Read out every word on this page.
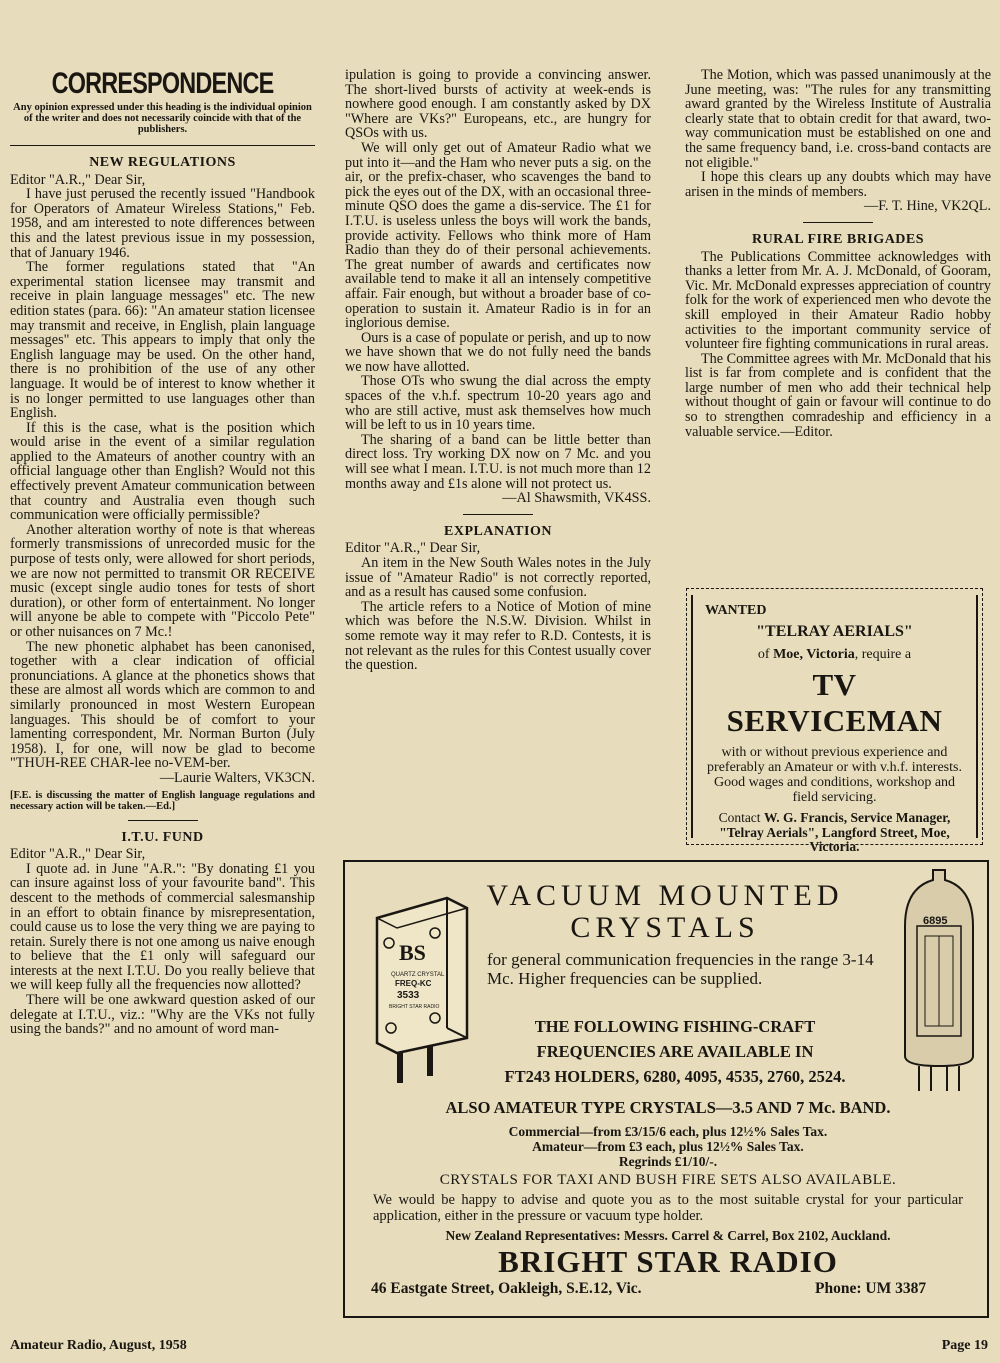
CORRESPONDENCE
Any opinion expressed under this heading is the individual opinion of the writer and does not necessarily coincide with that of the publishers.
NEW REGULATIONS

Editor "A.R.," Dear Sir,

I have just perused the recently issued "Handbook for Operators of Amateur Wireless Stations," Feb. 1958, and am interested to note differences between this and the latest previous issue in my possession, that of January 1946.

The former regulations stated that "An experimental station licensee may transmit and receive in plain language messages" etc. The new edition states (para. 66): "An amateur station licensee may transmit and receive, in English, plain language messages" etc. This appears to imply that only the English language may be used. On the other hand, there is no prohibition of the use of any other language. It would be of interest to know whether it is no longer permitted to use languages other than English.

If this is the case, what is the position which would arise in the event of a similar regulation applied to the Amateurs of another country with an official language other than English? Would not this effectively prevent Amateur communication between that country and Australia even though such communication were officially permissible?

Another alteration worthy of note is that whereas formerly transmissions of unrecorded music for the purpose of tests only, were allowed for short periods, we are now not permitted to transmit OR RECEIVE music (except single audio tones for tests of short duration), or other form of entertainment. No longer will anyone be able to compete with "Piccolo Pete" or other nuisances on 7 Mc.!

The new phonetic alphabet has been canonised, together with a clear indication of official pronunciations. A glance at the phonetics shows that these are almost all words which are common to and similarly pronounced in most Western European languages. This should be of comfort to your lamenting correspondent, Mr. Norman Burton (July 1958). I, for one, will now be glad to become "THUH-REE CHAR-lee no-VEM-ber.

—Laurie Walters, VK3CN.

[F.E. is discussing the matter of English language regulations and necessary action will be taken.—Ed.]

I.T.U. FUND

Editor "A.R.," Dear Sir,

I quote ad. in June "A.R.": "By donating £1 you can insure against loss of your favourite band". This descent to the methods of commercial salesmanship in an effort to obtain finance by misrepresentation, could cause us to lose the very thing we are paying to retain. Surely there is not one among us naive enough to believe that the £1 only will safeguard our interests at the next I.T.U. Do you really believe that we will keep fully all the frequencies now allotted?

There will be one awkward question asked of our delegate at I.T.U., viz.: "Why are the VKs not fully using the bands?" and no amount of word man-

ipulation is going to provide a convincing answer. The short-lived bursts of activity at week-ends is nowhere good enough. I am constantly asked by DX "Where are VKs?" Europeans, etc., are hungry for QSOs with us.

We will only get out of Amateur Radio what we put into it—and the Ham who never puts a sig. on the air, or the prefix-chaser, who scavenges the band to pick the eyes out of the DX, with an occasional three-minute QSO does the game a dis-service. The £1 for I.T.U. is useless unless the boys will work the bands, provide activity. Fellows who think more of Ham Radio than they do of their personal achievements. The great number of awards and certificates now available tend to make it all an intensely competitive affair. Fair enough, but without a broader base of co-operation to sustain it. Amateur Radio is in for an inglorious demise.

Ours is a case of populate or perish, and up to now we have shown that we do not fully need the bands we now have allotted.

Those OTs who swung the dial across the empty spaces of the v.h.f. spectrum 10-20 years ago and who are still active, must ask themselves how much will be left to us in 10 years time.

The sharing of a band can be little better than direct loss. Try working DX now on 7 Mc. and you will see what I mean. I.T.U. is not much more than 12 months away and £1s alone will not protect us.

—Al Shawsmith, VK4SS.

EXPLANATION

Editor "A.R.," Dear Sir,

An item in the New South Wales notes in the July issue of "Amateur Radio" is not correctly reported, and as a result has caused some confusion.

The article refers to a Notice of Motion of mine which was before the N.S.W. Division. Whilst in some remote way it may refer to R.D. Contests, it is not relevant as the rules for this Contest usually cover the question.

The Motion, which was passed unanimously at the June meeting, was: "The rules for any transmitting award granted by the Wireless Institute of Australia clearly state that to obtain credit for that award, two-way communication must be established on one and the same frequency band, i.e. cross-band contacts are not eligible."

I hope this clears up any doubts which may have arisen in the minds of members.

—F. T. Hine, VK2QL.

RURAL FIRE BRIGADES

The Publications Committee acknowledges with thanks a letter from Mr. A. J. McDonald, of Gooram, Vic. Mr. McDonald expresses appreciation of country folk for the work of experienced men who devote the skill employed in their Amateur Radio hobby activities to the important community service of volunteer fire fighting communications in rural areas.

The Committee agrees with Mr. McDonald that his list is far from complete and is confident that the large number of men who add their technical help without thought of gain or favour will continue to do so to strengthen comradeship and efficiency in a valuable service.—Editor.

WANTED
"TELRAY AERIALS"
of Moe, Victoria, require a
TV SERVICEMAN
with or without previous experience and preferably an Amateur or with v.h.f. interests. Good wages and conditions, workshop and field servicing.
Contact W. G. Francis, Service Manager, "Telray Aerials", Langford Street, Moe, Victoria.
BS
QUARTZ CRYSTAL
FREQ-KC
3533
BRIGHT STAR RADIO
VACUUM MOUNTED
CRYSTALS
for general communication frequencies in the range 3-14 Mc. Higher frequencies can be supplied.
THE FOLLOWING FISHING-CRAFT
FREQUENCIES ARE AVAILABLE IN
FT243 HOLDERS, 6280, 4095, 4535, 2760, 2524.
6895
ALSO AMATEUR TYPE CRYSTALS—3.5 AND 7 Mc. BAND.
Commercial—from £3/15/6 each, plus 12½% Sales Tax.
Amateur—from £3 each, plus 12½% Sales Tax.
Regrinds £1/10/-.
CRYSTALS FOR TAXI AND BUSH FIRE SETS ALSO AVAILABLE.
We would be happy to advise and quote you as to the most suitable crystal for your particular application, either in the pressure or vacuum type holder.
New Zealand Representatives: Messrs. Carrel & Carrel, Box 2102, Auckland.
BRIGHT STAR RADIO
46 Eastgate Street, Oakleigh, S.E.12, Vic.	Phone: UM 3387
Amateur Radio, August, 1958	Page 19
